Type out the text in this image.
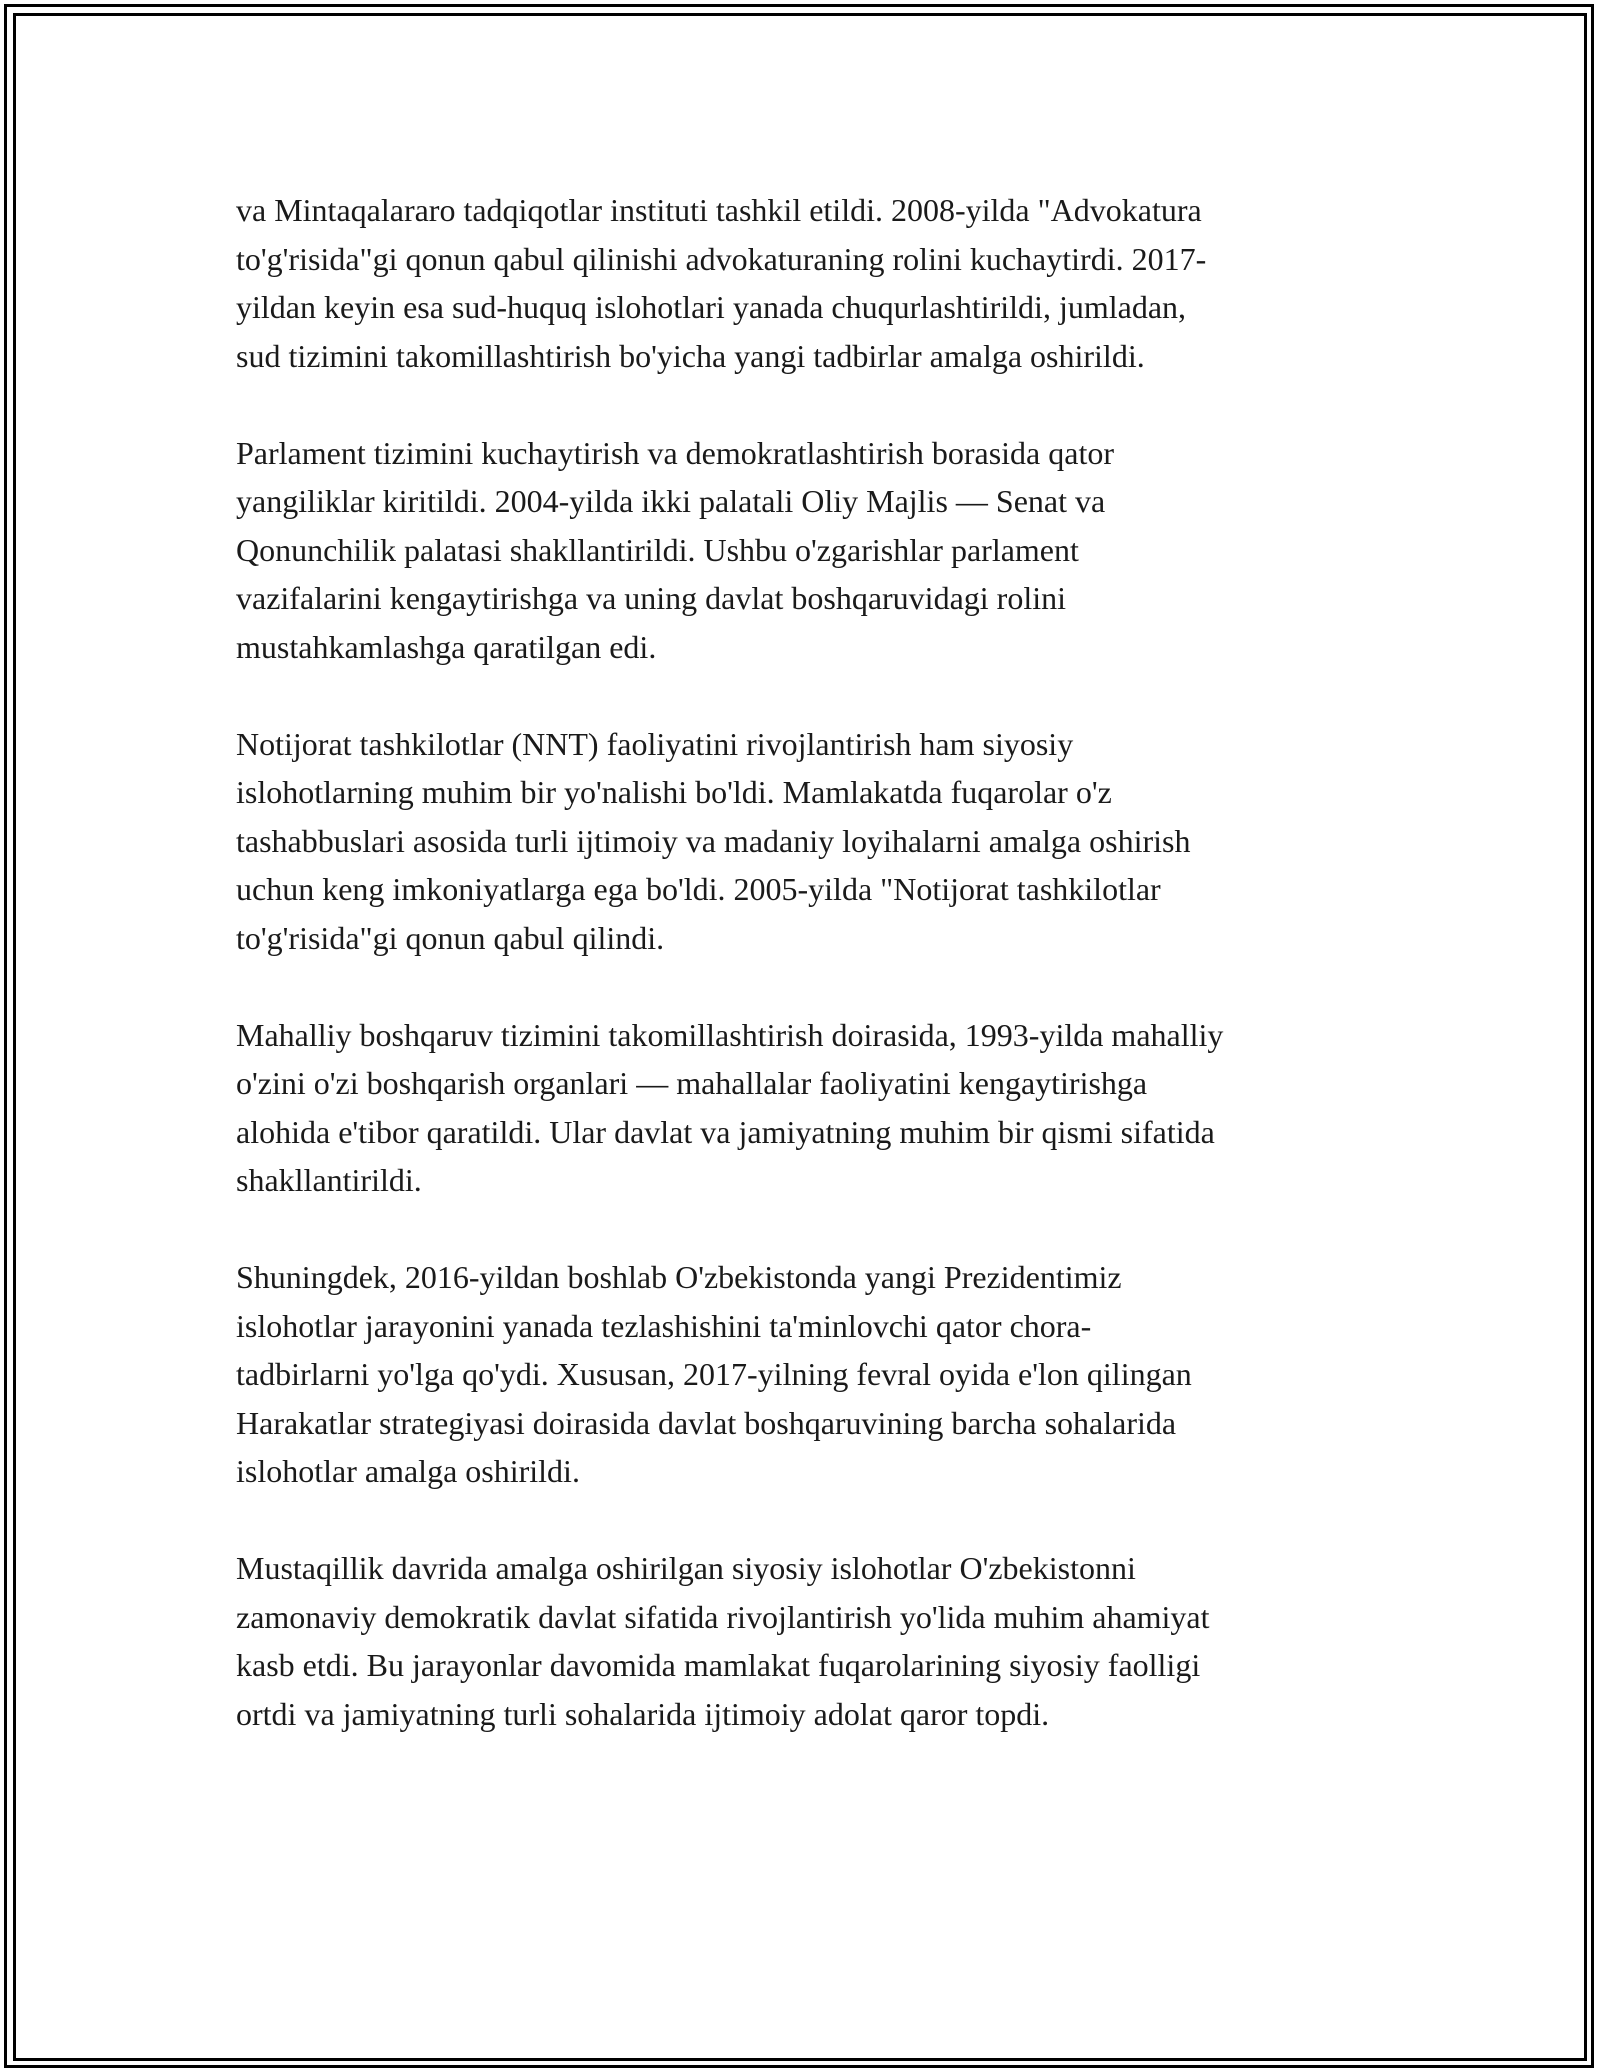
va Mintaqalararo tadqiqotlar instituti tashkil etildi. 2008-yilda "Advokatura
to'g'risida"gi qonun qabul qilinishi advokaturaning rolini kuchaytirdi. 2017-
yildan keyin esa sud-huquq islohotlari yanada chuqurlashtirildi, jumladan,
sud tizimini takomillashtirish bo'yicha yangi tadbirlar amalga oshirildi.

Parlament tizimini kuchaytirish va demokratlashtirish borasida qator
yangiliklar kiritildi. 2004-yilda ikki palatali Oliy Majlis — Senat va
Qonunchilik palatasi shakllantirildi. Ushbu o'zgarishlar parlament
vazifalarini kengaytirishga va uning davlat boshqaruvidagi rolini
mustahkamlashga qaratilgan edi.

Notijorat tashkilotlar (NNT) faoliyatini rivojlantirish ham siyosiy
islohotlarning muhim bir yo'nalishi bo'ldi. Mamlakatda fuqarolar o'z
tashabbuslari asosida turli ijtimoiy va madaniy loyihalarni amalga oshirish
uchun keng imkoniyatlarga ega bo'ldi. 2005-yilda "Notijorat tashkilotlar
to'g'risida"gi qonun qabul qilindi.

Mahalliy boshqaruv tizimini takomillashtirish doirasida, 1993-yilda mahalliy
o'zini o'zi boshqarish organlari — mahallalar faoliyatini kengaytirishga
alohida e'tibor qaratildi. Ular davlat va jamiyatning muhim bir qismi sifatida
shakllantirildi.

Shuningdek, 2016-yildan boshlab O'zbekistonda yangi Prezidentimiz
islohotlar jarayonini yanada tezlashishini ta'minlovchi qator chora-
tadbirlarni yo'lga qo'ydi. Xususan, 2017-yilning fevral oyida e'lon qilingan
Harakatlar strategiyasi doirasida davlat boshqaruvining barcha sohalarida
islohotlar amalga oshirildi.

Mustaqillik davrida amalga oshirilgan siyosiy islohotlar O'zbekistonni
zamonaviy demokratik davlat sifatida rivojlantirish yo'lida muhim ahamiyat
kasb etdi. Bu jarayonlar davomida mamlakat fuqarolarining siyosiy faolligi
ortdi va jamiyatning turli sohalarida ijtimoiy adolat qaror topdi.
